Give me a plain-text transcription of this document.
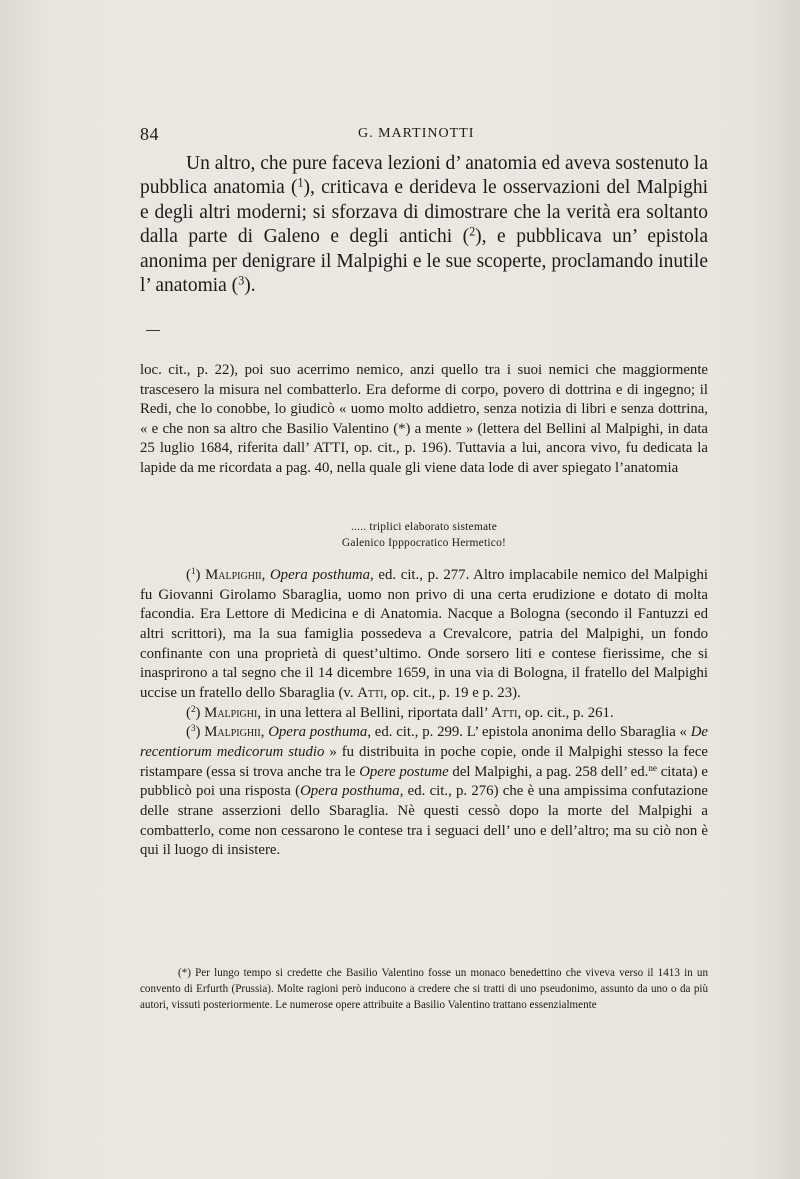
84	G. MARTINOTTI
Un altro, che pure faceva lezioni d’ anatomia ed aveva sostenuto la pubblica anatomia ($^1$), criticava e derideva le osservazioni del Malpighi e degli altri moderni; si sforzava di dimostrare che la verità era soltanto dalla parte di Galeno e degli antichi ($^2$), e pubblicava un’ epistola anonima per denigrare il Malpighi e le sue scoperte, proclamando inutile l’ anatomia ($^3$).
loc. cit., p. 22), poi suo acerrimo nemico, anzi quello tra i suoi nemici che maggiormente trascesero la misura nel combatterlo. Era deforme di corpo, povero di dottrina e di ingegno; il Redi, che lo conobbe, lo giudicò « uomo molto addietro, senza notizia di libri e senza dottrina, « e che non sa altro che Basilio Valentino (*) a mente » (lettera del Bellini al Malpighi, in data 25 luglio 1684, riferita dall’ ATTI, op. cit., p. 196). Tuttavia a lui, ancora vivo, fu dedicata la lapide da me ricordata a pag. 40, nella quale gli viene data lode di aver spiegato l’anatomia
..... triplici elaborato sistemate
Galenico Ipppocratico Hermetico!

($^1$) Malpighii, Opera posthuma, ed. cit., p. 277. Altro implacabile nemico del Malpighi fu Giovanni Girolamo Sbaraglia, uomo non privo di una certa erudizione e dotato di molta facondia. Era Lettore di Medicina e di Anatomia. Nacque a Bologna (secondo il Fantuzzi ed altri scrittori), ma la sua famiglia possedeva a Crevalcore, patria del Malpighi, un fondo confinante con una proprietà di quest’ultimo. Onde sorsero liti e contese fierissime, che si inasprirono a tal segno che il 14 dicembre 1659, in una via di Bologna, il fratello del Malpighi uccise un fratello dello Sbaraglia (v. Atti, op. cit., p. 19 e p. 23).

($^2$) Malpighi, in una lettera al Bellini, riportata dall’ Atti, op. cit., p. 261.

($^3$) Malpighii, Opera posthuma, ed. cit., p. 299. L’ epistola anonima dello Sbaraglia « De recentiorum medicorum studio » fu distribuita in poche copie, onde il Malpighi stesso la fece ristampare (essa si trova anche tra le Opere postume del Malpighi, a pag. 258 dell’ ed.$^{ne}$ citata) e pubblicò poi una risposta (Opera posthuma, ed. cit., p. 276) che è una ampissima confutazione delle strane asserzioni dello Sbaraglia. Nè questi cessò dopo la morte del Malpighi a combatterlo, come non cessarono le contese tra i seguaci dell’ uno e dell’altro; ma su ciò non è qui il luogo di insistere.

(*) Per lungo tempo si credette che Basilio Valentino fosse un monaco benedettino che viveva verso il 1413 in un convento di Erfurth (Prussia). Molte ragioni però inducono a credere che si tratti di uno pseudonimo, assunto da uno o da più autori, vissuti posteriormente. Le numerose opere attribuite a Basilio Valentino trattano essenzialmente
